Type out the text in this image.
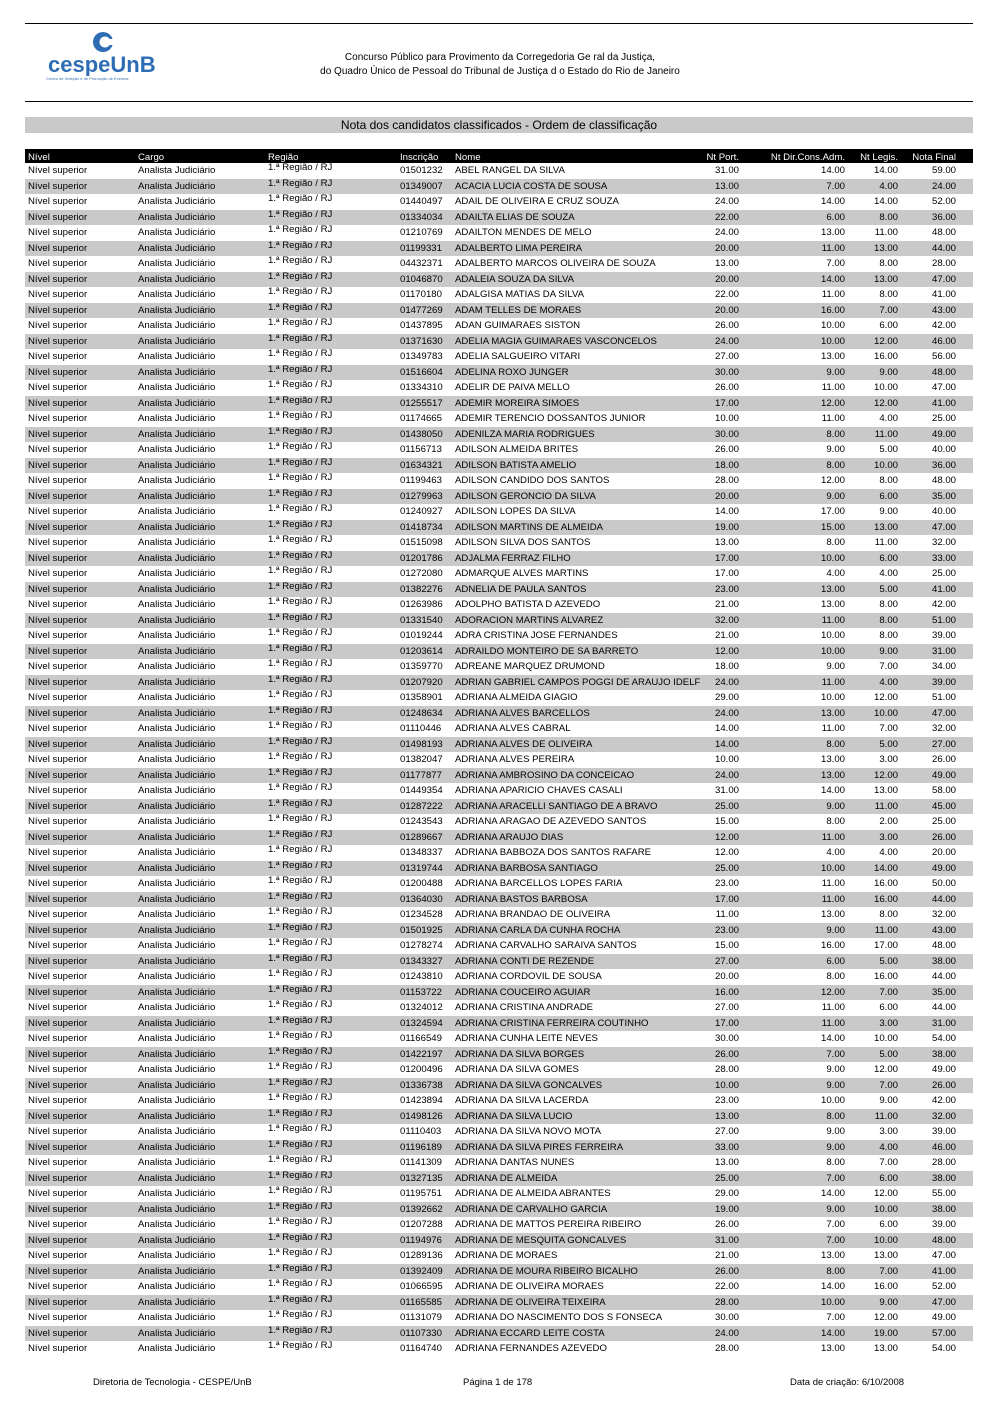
cespeUnB
Centro de Seleção e de Promoção de Eventos
Concurso Público para Provimento da Corregedoria Ge ral da Justiça,
do Quadro Único de Pessoal do Tribunal de Justiça d o Estado do Rio de Janeiro
Nota dos candidatos classificados - Ordem de classificação
Nível	Cargo	Região	Inscrição Nome	Nt Port.	Nt Dir.Cons.Adm.	Nt Legis. Nota Final
Nível superior	Analista Judiciário	1.ª Região / RJ	01501232 ABEL RANGEL DA SILVA	31.00	14.00	14.00	59.00
Nível superior	Analista Judiciário	1.ª Região / RJ	01349007 ACACIA LUCIA COSTA DE SOUSA	13.00	7.00	4.00	24.00
Nível superior	Analista Judiciário	1.ª Região / RJ	01440497 ADAIL DE OLIVEIRA E CRUZ SOUZA	24.00	14.00	14.00	52.00
Nível superior	Analista Judiciário	1.ª Região / RJ	01334034 ADAILTA ELIAS DE SOUZA	22.00	6.00	8.00	36.00
Nível superior	Analista Judiciário	1.ª Região / RJ	01210769 ADAILTON MENDES DE MELO	24.00	13.00	11.00	48.00
Nível superior	Analista Judiciário	1.ª Região / RJ	01199331 ADALBERTO LIMA PEREIRA	20.00	11.00	13.00	44.00
Nível superior	Analista Judiciário	1.ª Região / RJ	04432371 ADALBERTO MARCOS OLIVEIRA DE SOUZA	13.00	7.00	8.00	28.00
Nível superior	Analista Judiciário	1.ª Região / RJ	01046870 ADALEIA SOUZA DA SILVA	20.00	14.00	13.00	47.00
Nível superior	Analista Judiciário	1.ª Região / RJ	01170180 ADALGISA MATIAS DA SILVA	22.00	11.00	8.00	41.00
Nível superior	Analista Judiciário	1.ª Região / RJ	01477269 ADAM TELLES DE MORAES	20.00	16.00	7.00	43.00
Nível superior	Analista Judiciário	1.ª Região / RJ	01437895 ADAN GUIMARAES SISTON	26.00	10.00	6.00	42.00
Nível superior	Analista Judiciário	1.ª Região / RJ	01371630 ADELIA MAGIA GUIMARAES VASCONCELOS	24.00	10.00	12.00	46.00
Nível superior	Analista Judiciário	1.ª Região / RJ	01349783 ADELIA SALGUEIRO VITARI	27.00	13.00	16.00	56.00
Nível superior	Analista Judiciário	1.ª Região / RJ	01516604 ADELINA ROXO JUNGER	30.00	9.00	9.00	48.00
Nível superior	Analista Judiciário	1.ª Região / RJ	01334310 ADELIR DE PAIVA MELLO	26.00	11.00	10.00	47.00
Nível superior	Analista Judiciário	1.ª Região / RJ	01255517 ADEMIR MOREIRA SIMOES	17.00	12.00	12.00	41.00
Nível superior	Analista Judiciário	1.ª Região / RJ	01174665 ADEMIR TERENCIO DOSSANTOS JUNIOR	10.00	11.00	4.00	25.00
Nível superior	Analista Judiciário	1.ª Região / RJ	01438050 ADENILZA MARIA RODRIGUES	30.00	8.00	11.00	49.00
Nível superior	Analista Judiciário	1.ª Região / RJ	01156713 ADILSON ALMEIDA BRITES	26.00	9.00	5.00	40.00
Nível superior	Analista Judiciário	1.ª Região / RJ	01634321 ADILSON BATISTA AMELIO	18.00	8.00	10.00	36.00
Nível superior	Analista Judiciário	1.ª Região / RJ	01199463 ADILSON CANDIDO DOS SANTOS	28.00	12.00	8.00	48.00
Nível superior	Analista Judiciário	1.ª Região / RJ	01279963 ADILSON GERONCIO DA SILVA	20.00	9.00	6.00	35.00
Nível superior	Analista Judiciário	1.ª Região / RJ	01240927 ADILSON LOPES DA SILVA	14.00	17.00	9.00	40.00
Nível superior	Analista Judiciário	1.ª Região / RJ	01418734 ADILSON MARTINS DE ALMEIDA	19.00	15.00	13.00	47.00
Nível superior	Analista Judiciário	1.ª Região / RJ	01515098 ADILSON SILVA DOS SANTOS	13.00	8.00	11.00	32.00
Nível superior	Analista Judiciário	1.ª Região / RJ	01201786 ADJALMA FERRAZ FILHO	17.00	10.00	6.00	33.00
Nível superior	Analista Judiciário	1.ª Região / RJ	01272080 ADMARQUE ALVES MARTINS	17.00	4.00	4.00	25.00
Nível superior	Analista Judiciário	1.ª Região / RJ	01382276 ADNELIA DE PAULA SANTOS	23.00	13.00	5.00	41.00
Nível superior	Analista Judiciário	1.ª Região / RJ	01263986 ADOLPHO BATISTA D AZEVEDO	21.00	13.00	8.00	42.00
Nível superior	Analista Judiciário	1.ª Região / RJ	01331540 ADORACION MARTINS ALVAREZ	32.00	11.00	8.00	51.00
Nível superior	Analista Judiciário	1.ª Região / RJ	01019244 ADRA CRISTINA JOSE FERNANDES	21.00	10.00	8.00	39.00
Nível superior	Analista Judiciário	1.ª Região / RJ	01203614 ADRAILDO MONTEIRO DE SA BARRETO	12.00	10.00	9.00	31.00
Nível superior	Analista Judiciário	1.ª Região / RJ	01359770 ADREANE MARQUEZ DRUMOND	18.00	9.00	7.00	34.00
Nível superior	Analista Judiciário	1.ª Região / RJ	01207920 ADRIAN GABRIEL CAMPOS POGGI DE ARAUJO IDELF	24.00	11.00	4.00	39.00
Nível superior	Analista Judiciário	1.ª Região / RJ	01358901 ADRIANA ALMEIDA GIAGIO	29.00	10.00	12.00	51.00
Nível superior	Analista Judiciário	1.ª Região / RJ	01248634 ADRIANA ALVES BARCELLOS	24.00	13.00	10.00	47.00
Nível superior	Analista Judiciário	1.ª Região / RJ	01110446 ADRIANA ALVES CABRAL	14.00	11.00	7.00	32.00
Nível superior	Analista Judiciário	1.ª Região / RJ	01498193 ADRIANA ALVES DE OLIVEIRA	14.00	8.00	5.00	27.00
Nível superior	Analista Judiciário	1.ª Região / RJ	01382047 ADRIANA ALVES PEREIRA	10.00	13.00	3.00	26.00
Nível superior	Analista Judiciário	1.ª Região / RJ	01177877 ADRIANA AMBROSINO DA CONCEICAO	24.00	13.00	12.00	49.00
Nível superior	Analista Judiciário	1.ª Região / RJ	01449354 ADRIANA APARICIO CHAVES CASALI	31.00	14.00	13.00	58.00
Nível superior	Analista Judiciário	1.ª Região / RJ	01287222 ADRIANA ARACELLI SANTIAGO DE A BRAVO	25.00	9.00	11.00	45.00
Nível superior	Analista Judiciário	1.ª Região / RJ	01243543 ADRIANA ARAGAO DE AZEVEDO SANTOS	15.00	8.00	2.00	25.00
Nível superior	Analista Judiciário	1.ª Região / RJ	01289667 ADRIANA ARAUJO DIAS	12.00	11.00	3.00	26.00
Nível superior	Analista Judiciário	1.ª Região / RJ	01348337 ADRIANA BABBOZA DOS SANTOS RAFARE	12.00	4.00	4.00	20.00
Nível superior	Analista Judiciário	1.ª Região / RJ	01319744 ADRIANA BARBOSA SANTIAGO	25.00	10.00	14.00	49.00
Nível superior	Analista Judiciário	1.ª Região / RJ	01200488 ADRIANA BARCELLOS LOPES FARIA	23.00	11.00	16.00	50.00
Nível superior	Analista Judiciário	1.ª Região / RJ	01364030 ADRIANA BASTOS BARBOSA	17.00	11.00	16.00	44.00
Nível superior	Analista Judiciário	1.ª Região / RJ	01234528 ADRIANA BRANDAO DE OLIVEIRA	11.00	13.00	8.00	32.00
Nível superior	Analista Judiciário	1.ª Região / RJ	01501925 ADRIANA CARLA DA CUNHA ROCHA	23.00	9.00	11.00	43.00
Nível superior	Analista Judiciário	1.ª Região / RJ	01278274 ADRIANA CARVALHO SARAIVA SANTOS	15.00	16.00	17.00	48.00
Nível superior	Analista Judiciário	1.ª Região / RJ	01343327 ADRIANA CONTI DE REZENDE	27.00	6.00	5.00	38.00
Nível superior	Analista Judiciário	1.ª Região / RJ	01243810 ADRIANA CORDOVIL DE SOUSA	20.00	8.00	16.00	44.00
Nível superior	Analista Judiciário	1.ª Região / RJ	01153722 ADRIANA COUCEIRO AGUIAR	16.00	12.00	7.00	35.00
Nível superior	Analista Judiciário	1.ª Região / RJ	01324012 ADRIANA CRISTINA ANDRADE	27.00	11.00	6.00	44.00
Nível superior	Analista Judiciário	1.ª Região / RJ	01324594 ADRIANA CRISTINA FERREIRA COUTINHO	17.00	11.00	3.00	31.00
Nível superior	Analista Judiciário	1.ª Região / RJ	01166549 ADRIANA CUNHA LEITE NEVES	30.00	14.00	10.00	54.00
Nível superior	Analista Judiciário	1.ª Região / RJ	01422197 ADRIANA DA SILVA BORGES	26.00	7.00	5.00	38.00
Nível superior	Analista Judiciário	1.ª Região / RJ	01200496 ADRIANA DA SILVA GOMES	28.00	9.00	12.00	49.00
Nível superior	Analista Judiciário	1.ª Região / RJ	01336738 ADRIANA DA SILVA GONCALVES	10.00	9.00	7.00	26.00
Nível superior	Analista Judiciário	1.ª Região / RJ	01423894 ADRIANA DA SILVA LACERDA	23.00	10.00	9.00	42.00
Nível superior	Analista Judiciário	1.ª Região / RJ	01498126 ADRIANA DA SILVA LUCIO	13.00	8.00	11.00	32.00
Nível superior	Analista Judiciário	1.ª Região / RJ	01110403 ADRIANA DA SILVA NOVO MOTA	27.00	9.00	3.00	39.00
Nível superior	Analista Judiciário	1.ª Região / RJ	01196189 ADRIANA DA SILVA PIRES FERREIRA	33.00	9.00	4.00	46.00
Nível superior	Analista Judiciário	1.ª Região / RJ	01141309 ADRIANA DANTAS NUNES	13.00	8.00	7.00	28.00
Nível superior	Analista Judiciário	1.ª Região / RJ	01327135 ADRIANA DE ALMEIDA	25.00	7.00	6.00	38.00
Nível superior	Analista Judiciário	1.ª Região / RJ	01195751 ADRIANA DE ALMEIDA ABRANTES	29.00	14.00	12.00	55.00
Nível superior	Analista Judiciário	1.ª Região / RJ	01392662 ADRIANA DE CARVALHO GARCIA	19.00	9.00	10.00	38.00
Nível superior	Analista Judiciário	1.ª Região / RJ	01207288 ADRIANA DE MATTOS PEREIRA RIBEIRO	26.00	7.00	6.00	39.00
Nível superior	Analista Judiciário	1.ª Região / RJ	01194976 ADRIANA DE MESQUITA GONCALVES	31.00	7.00	10.00	48.00
Nível superior	Analista Judiciário	1.ª Região / RJ	01289136 ADRIANA DE MORAES	21.00	13.00	13.00	47.00
Nível superior	Analista Judiciário	1.ª Região / RJ	01392409 ADRIANA DE MOURA RIBEIRO BICALHO	26.00	8.00	7.00	41.00
Nível superior	Analista Judiciário	1.ª Região / RJ	01066595 ADRIANA DE OLIVEIRA MORAES	22.00	14.00	16.00	52.00
Nível superior	Analista Judiciário	1.ª Região / RJ	01165585 ADRIANA DE OLIVEIRA TEIXEIRA	28.00	10.00	9.00	47.00
Nível superior	Analista Judiciário	1.ª Região / RJ	01131079 ADRIANA DO NASCIMENTO DOS S FONSECA	30.00	7.00	12.00	49.00
Nível superior	Analista Judiciário	1.ª Região / RJ	01107330 ADRIANA ECCARD LEITE COSTA	24.00	14.00	19.00	57.00
Nível superior	Analista Judiciário	1.ª Região / RJ	01164740 ADRIANA FERNANDES AZEVEDO	28.00	13.00	13.00	54.00
Diretoria de Tecnologia - CESPE/UnB	Página 1 de 178	Data de criação: 6/10/2008
